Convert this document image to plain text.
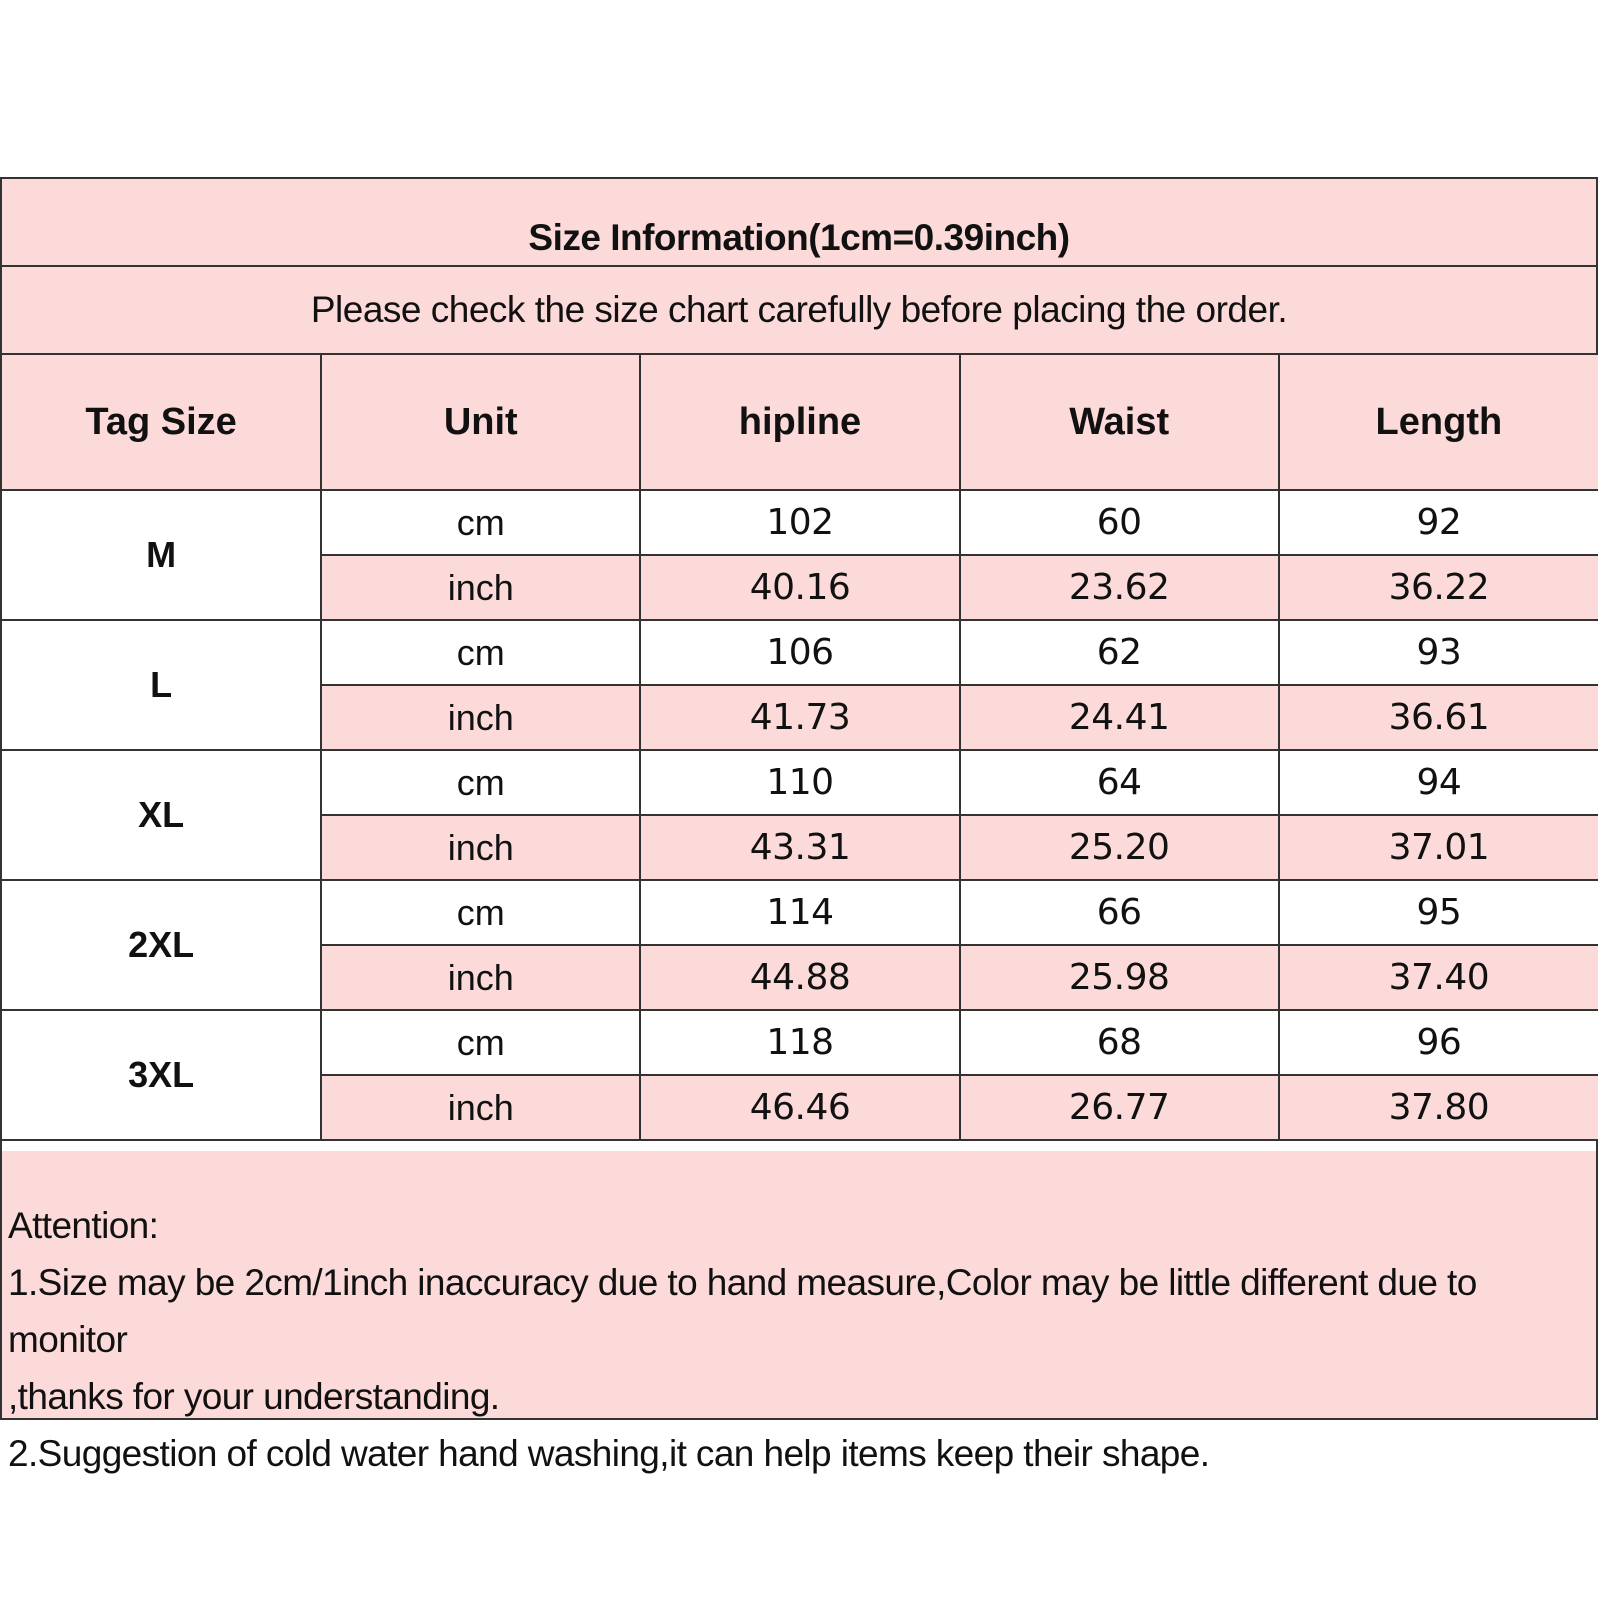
Size Information(1cm=0.39inch)
Please check the size chart carefully before placing the order.
Tag Size	Unit	hipline	Waist	Length
M	cm	102	60	92
	inch	40.16	23.62	36.22
L	cm	106	62	93
	inch	41.73	24.41	36.61
XL	cm	110	64	94
	inch	43.31	25.20	37.01
2XL	cm	114	66	95
	inch	44.88	25.98	37.40
3XL	cm	118	68	96
	inch	46.46	26.77	37.80

Attention:

1.Size may be 2cm/1inch inaccuracy due to hand measure,Color may be little different due to monitor

,thanks for your understanding.

2.Suggestion of cold water hand washing,it can help items keep their shape.
